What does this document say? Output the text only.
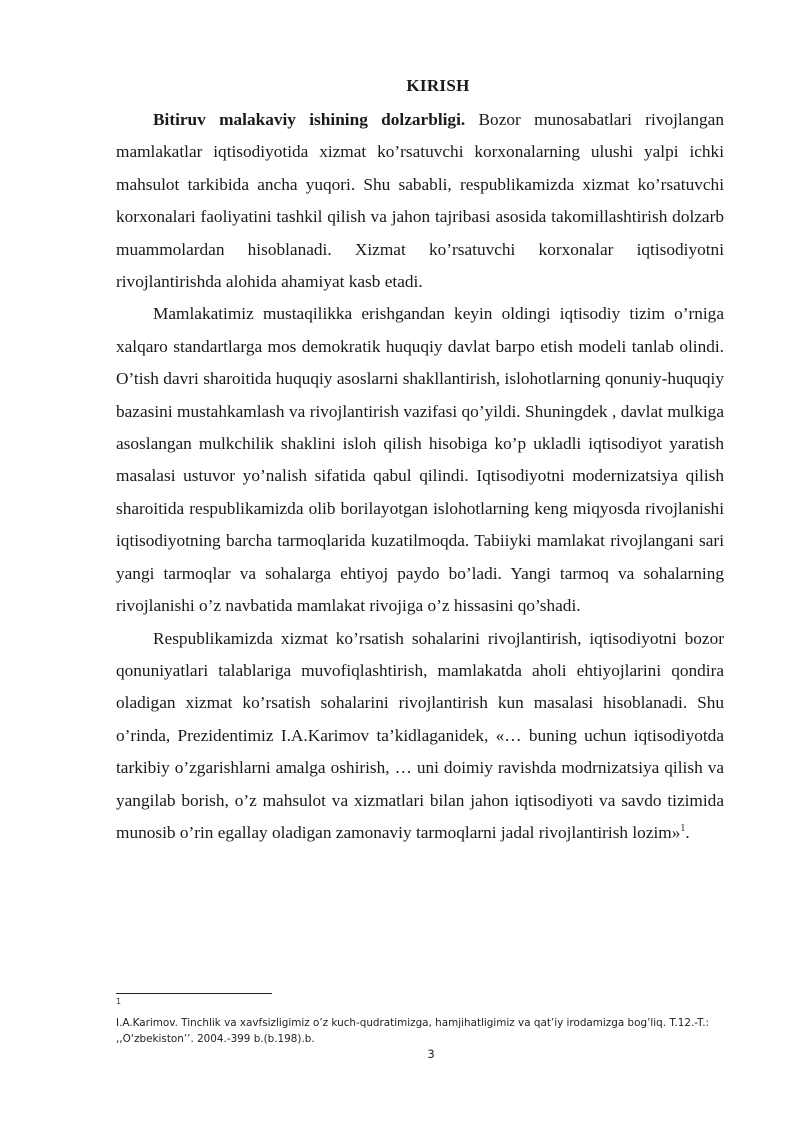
KIRISH

Bitiruv malakaviy ishining dolzarbligi. Bozor munosabatlari rivojlangan mamlakatlar iqtisodiyotida xizmat ko’rsatuvchi korxonalarning ulushi yalpi ichki mahsulot tarkibida ancha yuqori. Shu sababli, respublikamizda xizmat ko’rsatuvchi korxonalari faoliyatini tashkil qilish va jahon tajribasi asosida takomillashtirish dolzarb muammolardan hisoblanadi. Xizmat ko’rsatuvchi korxonalar iqtisodiyotni rivojlantirishda alohida ahamiyat kasb etadi.

Mamlakatimiz mustaqilikka erishgandan keyin oldingi iqtisodiy tizim o’rniga xalqaro standartlarga mos demokratik huquqiy davlat barpo etish modeli tanlab olindi. O’tish davri sharoitida huquqiy asoslarni shakllantirish, islohotlarning qonuniy-huquqiy bazasini mustahkamlash va rivojlantirish vazifasi qo’yildi. Shuningdek , davlat mulkiga asoslangan mulkchilik shaklini isloh qilish hisobiga ko’p ukladli iqtisodiyot yaratish masalasi ustuvor yo’nalish sifatida qabul qilindi. Iqtisodiyotni modernizatsiya qilish sharoitida respublikamizda olib borilayotgan islohotlarning keng miqyosda rivojlanishi iqtisodiyotning barcha tarmoqlarida kuzatilmoqda. Tabiiyki mamlakat rivojlangani sari yangi tarmoqlar va sohalarga ehtiyoj paydo bo’ladi. Yangi tarmoq va sohalarning rivojlanishi o’z navbatida mamlakat rivojiga o’z hissasini qo’shadi.

Respublikamizda xizmat ko’rsatish sohalarini rivojlantirish, iqtisodiyotni bozor qonuniyatlari talablariga muvofiqlashtirish, mamlakatda aholi ehtiyojlarini qondira oladigan xizmat ko’rsatish sohalarini rivojlantirish kun masalasi hisoblanadi. Shu o’rinda, Prezidentimiz I.A.Karimov ta’kidlaganidek, «… buning uchun iqtisodiyotda tarkibiy o’zgarishlarni amalga oshirish, … uni doimiy ravishda modrnizatsiya qilish va yangilab borish, o’z mahsulot va xizmatlari bilan jahon iqtisodiyoti va savdo tizimida munosib o’rin egallay oladigan zamonaviy tarmoqlarni jadal rivojlantirish lozim»$^1$.

1
I.A.Karimov. Tinchlik va xavfsizligimiz o’z kuch-qudratimizga, hamjihatligimiz va qat’iy irodamizga bog’liq. T.12.-T.: ,,O‘zbekiston’’. 2004.-399 b.(b.198).b.
3
